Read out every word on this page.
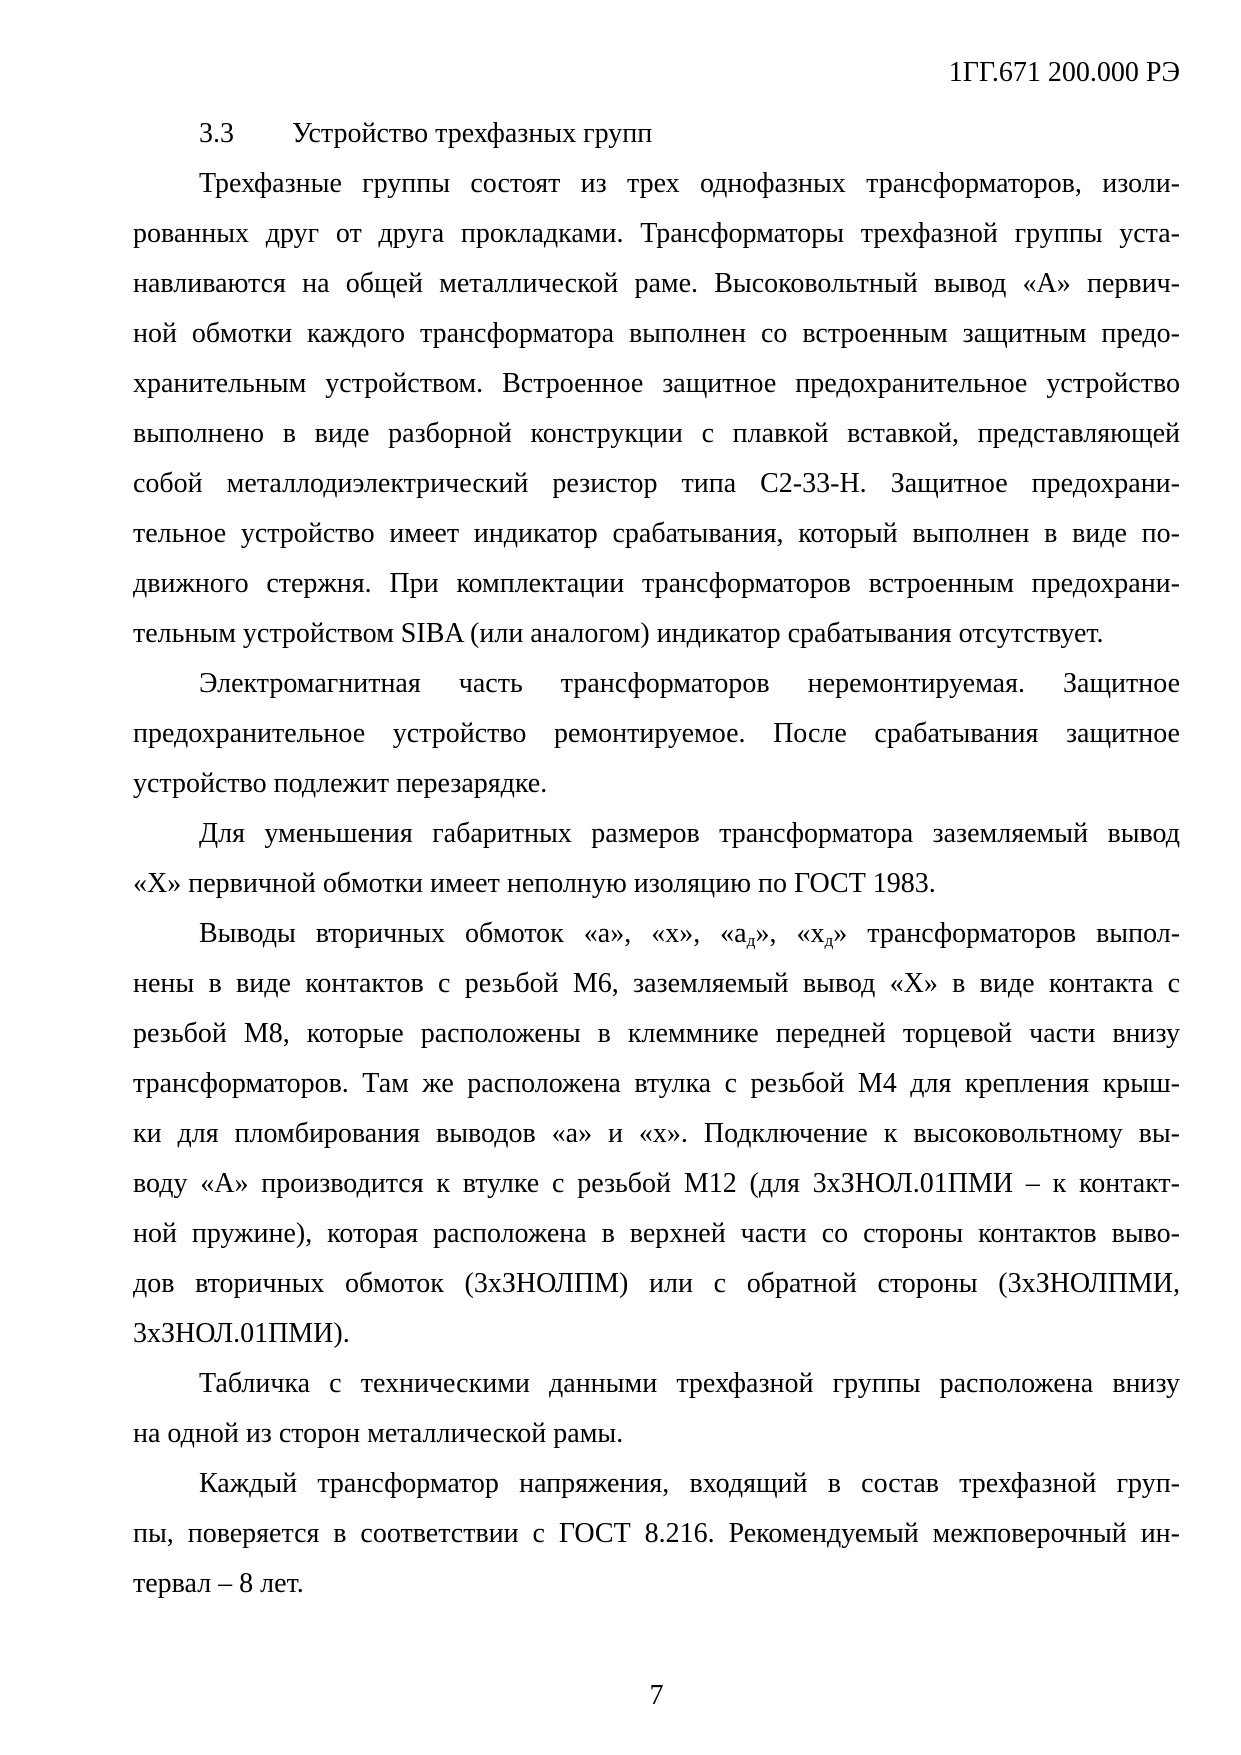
1ГГ.671 200.000 РЭ
3.3 Устройство трехфазных групп
Трехфазные группы состоят из трех однофазных трансформаторов, изоли-
рованных друг от друга прокладками. Трансформаторы трехфазной группы уста-
навливаются на общей металлической раме. Высоковольтный вывод «А» первич-
ной обмотки каждого трансформатора выполнен со встроенным защитным предо-
хранительным устройством. Встроенное защитное предохранительное устройство
выполнено в виде разборной конструкции с плавкой вставкой, представляющей
собой металлодиэлектрический резистор типа С2-33-Н. Защитное предохрани-
тельное устройство имеет индикатор срабатывания, который выполнен в виде по-
движного стержня. При комплектации трансформаторов встроенным предохрани-
тельным устройством SIBA (или аналогом) индикатор срабатывания отсутствует.
Электромагнитная часть трансформаторов неремонтируемая. Защитное
предохранительное устройство ремонтируемое. После срабатывания защитное
устройство подлежит перезарядке.
Для уменьшения габаритных размеров трансформатора заземляемый вывод
«Х» первичной обмотки имеет неполную изоляцию по ГОСТ 1983.
Выводы вторичных обмоток «а», «х», «$а_д$», «$х_д$» трансформаторов выпол-
нены в виде контактов с резьбой М6, заземляемый вывод «Х» в виде контакта с
резьбой М8, которые расположены в клеммнике передней торцевой части внизу
трансформаторов. Там же расположена втулка с резьбой М4 для крепления крыш-
ки для пломбирования выводов «а» и «х». Подключение к высоковольтному вы-
воду «А» производится к втулке с резьбой М12 (для 3хЗНОЛ.01ПМИ – к контакт-
ной пружине), которая расположена в верхней части со стороны контактов выво-
дов вторичных обмоток (3хЗНОЛПМ) или с обратной стороны (3хЗНОЛПМИ,
3хЗНОЛ.01ПМИ).
Табличка с техническими данными трехфазной группы расположена внизу
на одной из сторон металлической рамы.
Каждый трансформатор напряжения, входящий в состав трехфазной груп-
пы, поверяется в соответствии с ГОСТ 8.216. Рекомендуемый межповерочный ин-
тервал – 8 лет.
7
